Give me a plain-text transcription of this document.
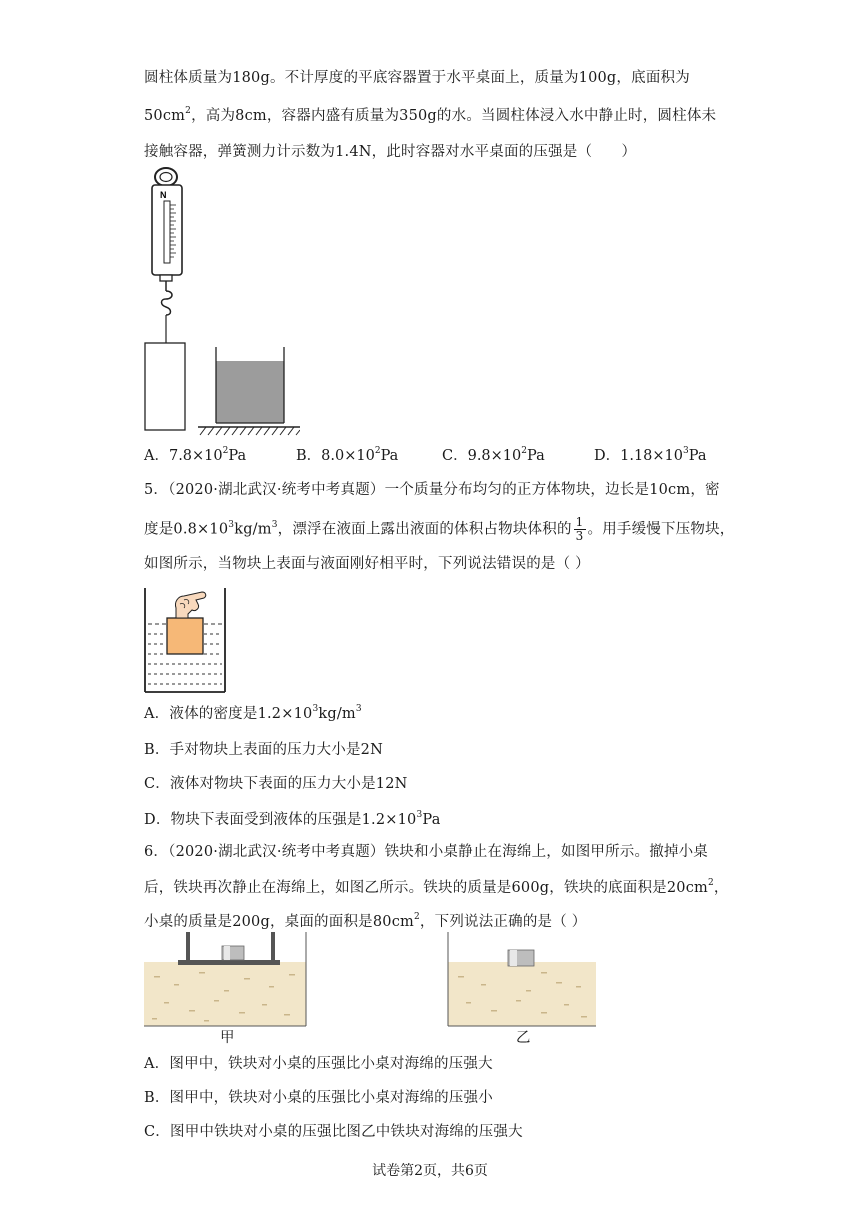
圆柱体质量为180g。不计厚度的平底容器置于水平桌面上，质量为100g，底面积为
$50cm^2$，高为8cm，容器内盛有质量为350g的水。当圆柱体浸入水中静止时，圆柱体未
接触容器，弹簧测力计示数为1.4N，此时容器对水平桌面的压强是（　　）
N
A．$7.8\times 10^2Pa$	B．$8.0\times 10^2Pa$	C．$9.8\times 10^2Pa$	D．$1.18\times 10^3Pa$
5．（2020·湖北武汉·统考中考真题）一个质量分布均匀的正方体物块，边长是10cm，密
度是$0.8\times 10^3kg/m^3$，漂浮在液面上露出液面的体积占物块体积的 $\frac{1}{3}$ 。用手缓慢下压物块，
如图所示，当物块上表面与液面刚好相平时，下列说法错误的是（ ）
A．液体的密度是$1.2\times 10^3kg/m^3$
B．手对物块上表面的压力大小是2N
C．液体对物块下表面的压力大小是12N
D．物块下表面受到液体的压强是$1.2\times 10^3Pa$
6．（2020·湖北武汉·统考中考真题）铁块和小桌静止在海绵上，如图甲所示。撤掉小桌
后，铁块再次静止在海绵上，如图乙所示。铁块的质量是600g，铁块的底面积是$20cm^2$，
小桌的质量是200g，桌面的面积是$80cm^2$，下列说法正确的是（ ）
甲	乙
A．图甲中，铁块对小桌的压强比小桌对海绵的压强大
B．图甲中，铁块对小桌的压强比小桌对海绵的压强小
C．图甲中铁块对小桌的压强比图乙中铁块对海绵的压强大
试卷第2页，共6页
